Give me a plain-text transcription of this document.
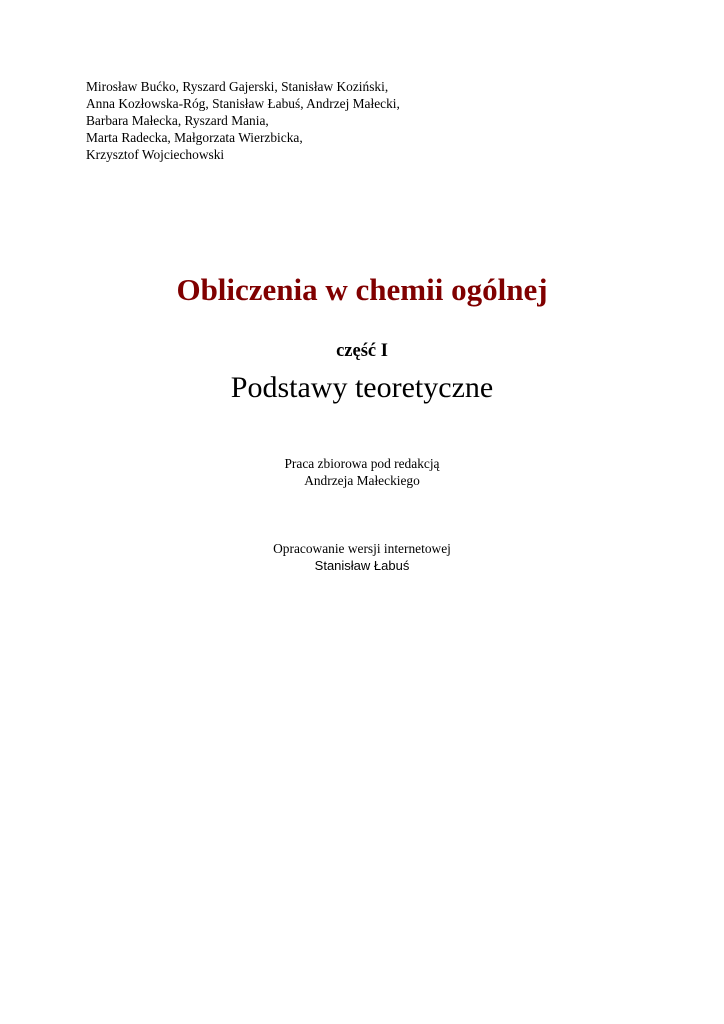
Mirosław Bućko, Ryszard Gajerski, Stanisław Koziński,
Anna Kozłowska-Róg, Stanisław Łabuś, Andrzej Małecki,
Barbara Małecka, Ryszard Mania,
Marta Radecka, Małgorzata Wierzbicka,
Krzysztof Wojciechowski
Obliczenia w chemii ogólnej
część I
Podstawy teoretyczne
Praca zbiorowa pod redakcją
Andrzeja Małeckiego
Opracowanie wersji internetowej
Stanisław Łabuś
